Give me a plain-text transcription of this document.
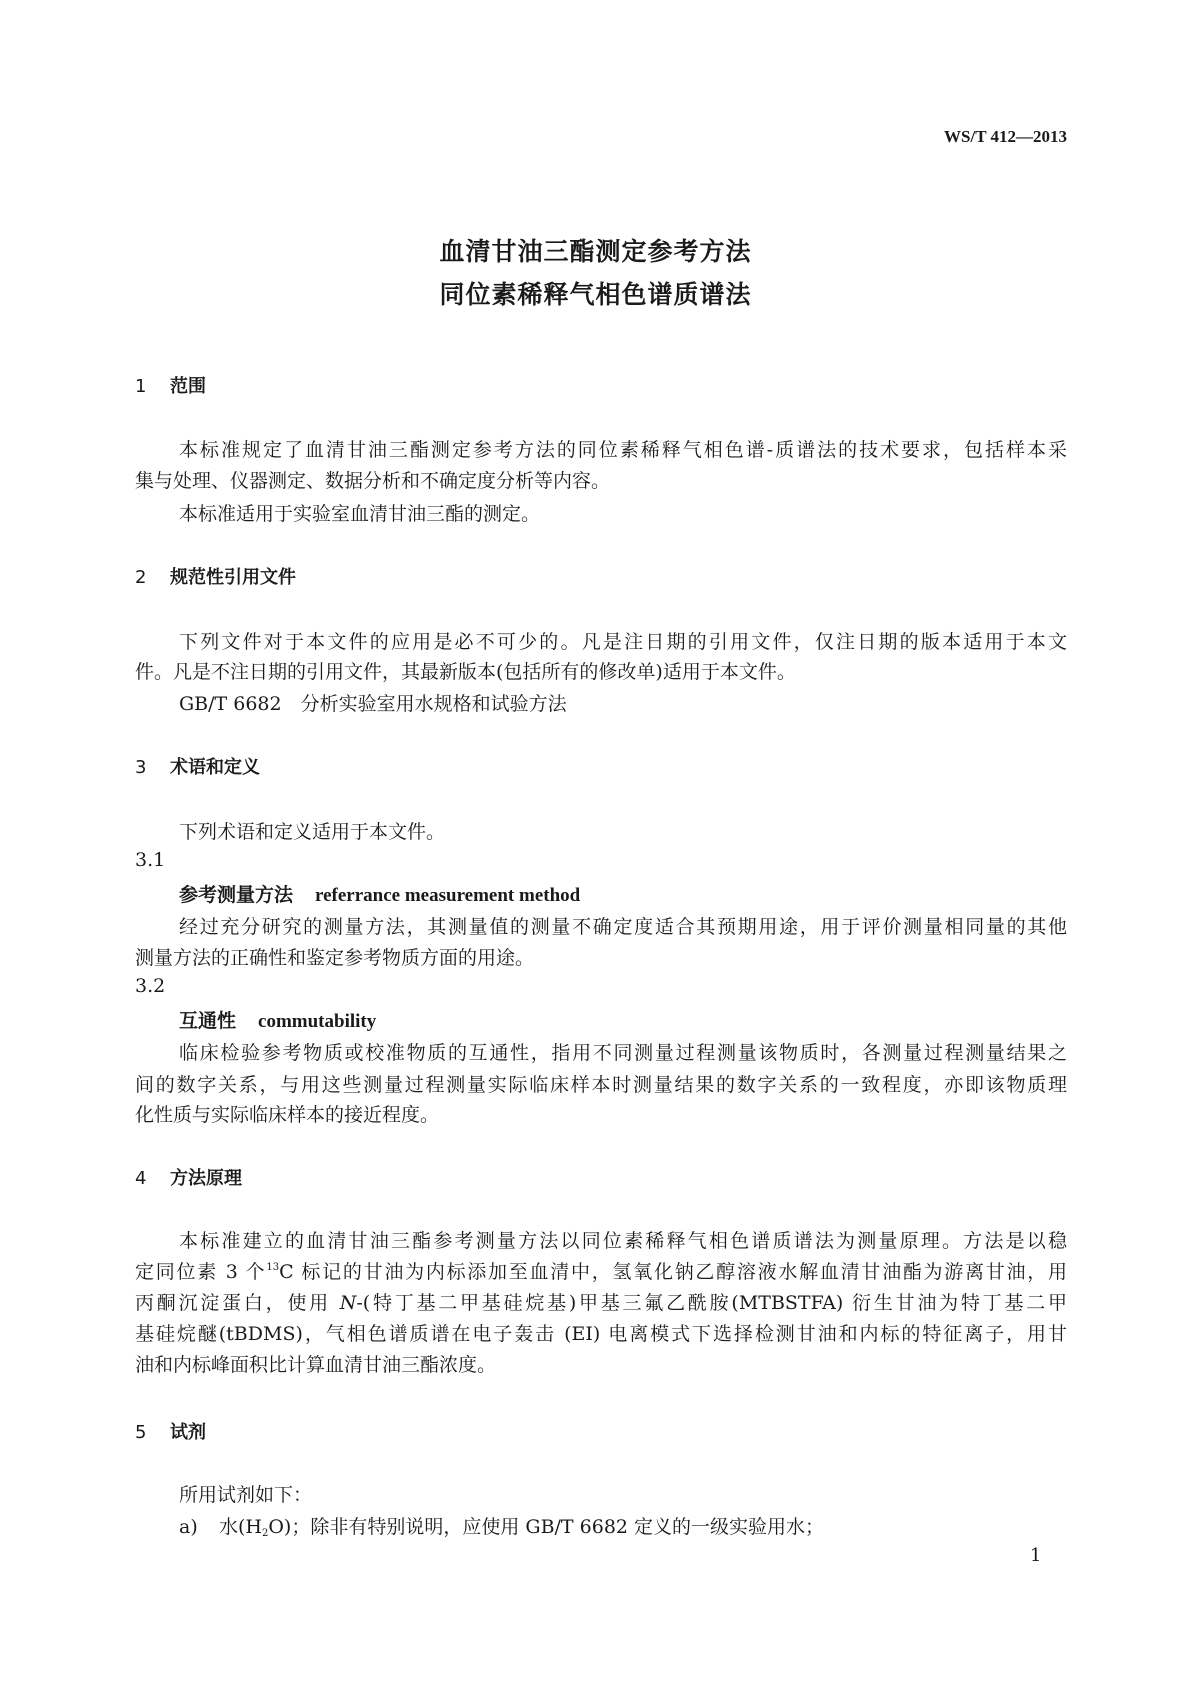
WS/T 412—2013
血清甘油三酯测定参考方法
同位素稀释气相色谱质谱法
1 范围
本标准规定了血清甘油三酯测定参考方法的同位素稀释气相色谱-质谱法的技术要求，包括样本采
集与处理、仪器测定、数据分析和不确定度分析等内容。
本标准适用于实验室血清甘油三酯的测定。
2 规范性引用文件
下列文件对于本文件的应用是必不可少的。凡是注日期的引用文件，仅注日期的版本适用于本文
件。凡是不注日期的引用文件，其最新版本(包括所有的修改单)适用于本文件。
GB/T 6682　分析实验室用水规格和试验方法
3 术语和定义
下列术语和定义适用于本文件。
3.1
参考测量方法 referrance measurement method
经过充分研究的测量方法，其测量值的测量不确定度适合其预期用途，用于评价测量相同量的其他
测量方法的正确性和鉴定参考物质方面的用途。
3.2
互通性 commutability
临床检验参考物质或校准物质的互通性，指用不同测量过程测量该物质时，各测量过程测量结果之
间的数字关系，与用这些测量过程测量实际临床样本时测量结果的数字关系的一致程度，亦即该物质理
化性质与实际临床样本的接近程度。
4 方法原理
本标准建立的血清甘油三酯参考测量方法以同位素稀释气相色谱质谱法为测量原理。方法是以稳
定同位素 3 个$^{13}$C 标记的甘油为内标添加至血清中，氢氧化钠乙醇溶液水解血清甘油酯为游离甘油，用
丙酮沉淀蛋白，使用 N-(特丁基二甲基硅烷基)甲基三氟乙酰胺(MTBSTFA) 衍生甘油为特丁基二甲
基硅烷醚(tBDMS)，气相色谱质谱在电子轰击 (EI) 电离模式下选择检测甘油和内标的特征离子，用甘
油和内标峰面积比计算血清甘油三酯浓度。
5 试剂
所用试剂如下：
a) 水$(H_2O)$；除非有特别说明，应使用 GB/T 6682 定义的一级实验用水；
1
